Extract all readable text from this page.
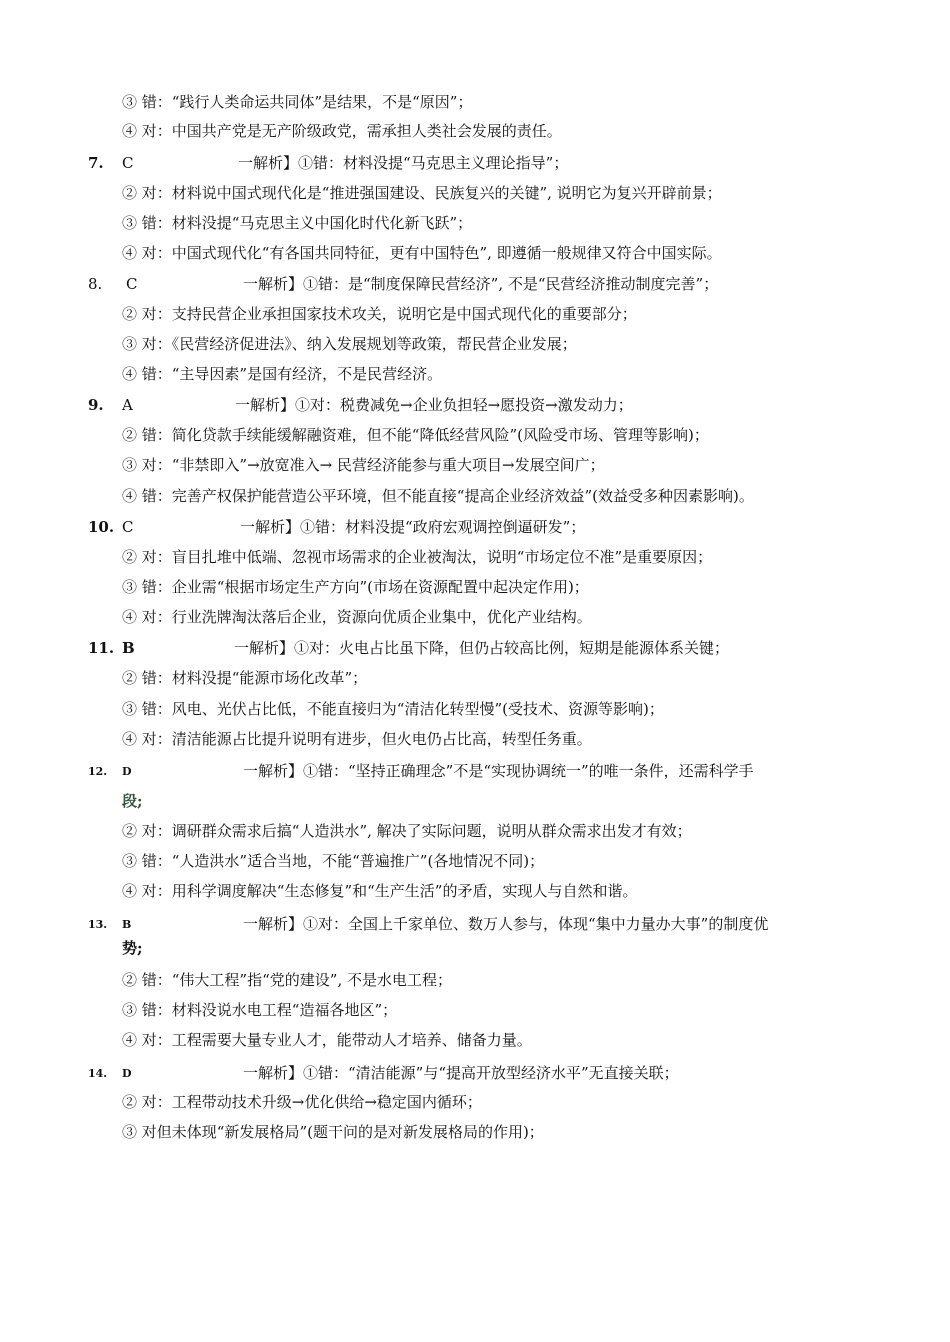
③ 错：“践行人类命运共同体”是结果，不是“原因”；
④ 对：中国共产党是无产阶级政党，需承担人类社会发展的责任。
7. C	一解析】①错：材料没提“马克思主义理论指导”；
② 对：材料说中国式现代化是“推进强国建设、民族复兴的关键”, 说明它为复兴开辟前景；
③ 错：材料没提“马克思主义中国化时代化新飞跃”；
④ 对：中国式现代化“有各国共同特征，更有中国特色”, 即遵循一般规律又符合中国实际。
8. C	一解析】①错：是“制度保障民营经济”, 不是“民营经济推动制度完善”；
② 对：支持民营企业承担国家技术攻关，说明它是中国式现代化的重要部分；
③ 对：《民营经济促进法》、纳入发展规划等政策，帮民营企业发展；
④ 错：“主导因素”是国有经济，不是民营经济。
9. A	一解析】①对：税费减免→企业负担轻→愿投资→激发动力；
② 错：简化贷款手续能缓解融资难，但不能“降低经营风险”(风险受市场、管理等影响)；
③ 对：“非禁即入”→放宽准入→ 民营经济能参与重大项目→发展空间广；
④ 错：完善产权保护能营造公平环境，但不能直接“提高企业经济效益”(效益受多种因素影响)。
10. C	一解析】①错：材料没提“政府宏观调控倒逼研发”；
② 对：盲目扎堆中低端、忽视市场需求的企业被淘汰，说明“市场定位不准”是重要原因；
③ 错：企业需“根据市场定生产方向”(市场在资源配置中起决定作用)；
④ 对：行业洗牌淘汰落后企业，资源向优质企业集中，优化产业结构。
11. B	一解析】①对：火电占比虽下降，但仍占较高比例，短期是能源体系关键；
② 错：材料没提“能源市场化改革”；
③ 错：风电、光伏占比低，不能直接归为“清洁化转型慢”(受技术、资源等影响)；
④ 对：清洁能源占比提升说明有进步，但火电仍占比高，转型任务重。
12. D	一解析】①错：“坚持正确理念”不是“实现协调统一”的唯一条件，还需科学手
段;
② 对：调研群众需求后搞“人造洪水”, 解决了实际问题，说明从群众需求出发才有效；
③ 错：“人造洪水”适合当地，不能“普遍推广”(各地情况不同)；
④ 对：用科学调度解决“生态修复”和“生产生活”的矛盾，实现人与自然和谐。
13. B	一解析】①对：全国上千家单位、数万人参与，体现“集中力量办大事”的制度优
势;
② 错：“伟大工程”指“党的建设”, 不是水电工程；
③ 错：材料没说水电工程“造福各地区”；
④ 对：工程需要大量专业人才，能带动人才培养、储备力量。
14. D	一解析】①错：“清洁能源”与“提高开放型经济水平”无直接关联；
② 对：工程带动技术升级→优化供给→稳定国内循环；
③ 对但未体现“新发展格局”(题干问的是对新发展格局的作用)；
